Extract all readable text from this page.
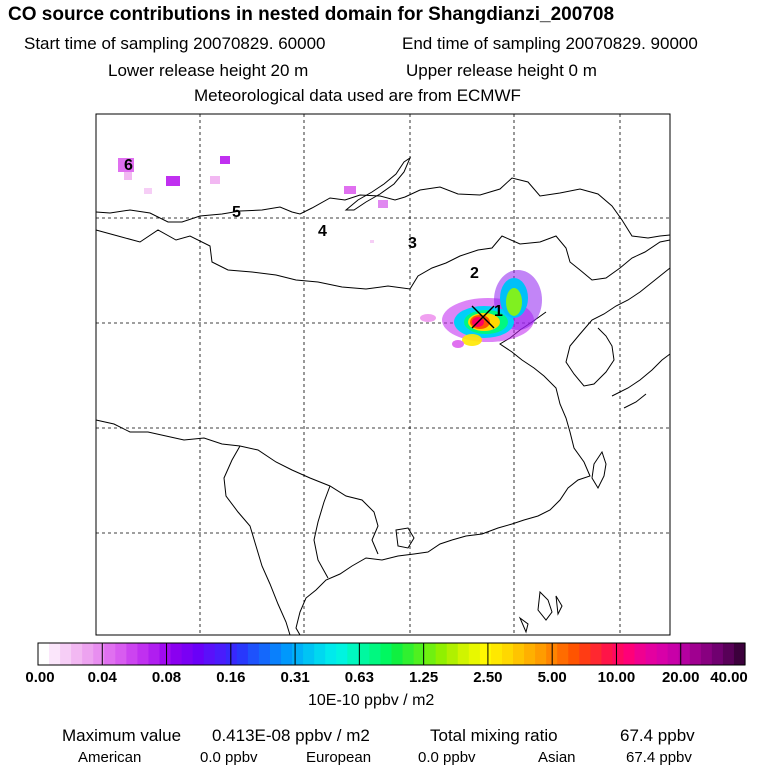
CO source contributions in nested domain for Shangdianzi_200708
Start time of sampling 20070829. 60000	End time of sampling 20070829. 90000
Lower release height 20 m	Upper release height 0 m
Meteorological data used are from ECMWF
1
2
3
4
5
6
0.00 0.04 0.08 0.16 0.31 0.63 1.25 2.50 5.00 10.00 20.00 40.00
10E-10 ppbv / m2
Maximum value 0.413E-08 ppbv / m2	Total mixing ratio	67.4 ppbv
American	0.0 ppbv	European	0.0 ppbv	Asian	67.4 ppbv
